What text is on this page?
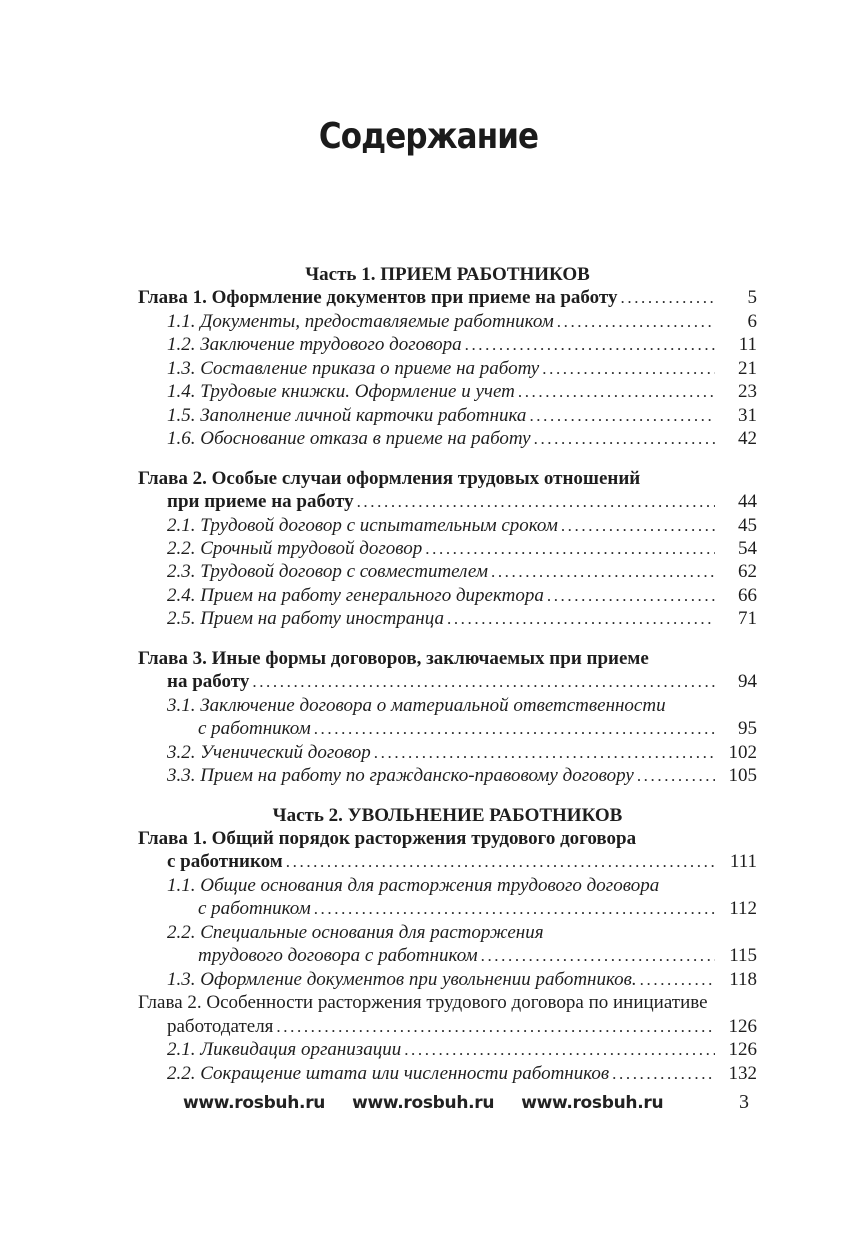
Содержание
Часть 1. ПРИЕМ РАБОТНИКОВ
Глава 1. Оформление документов при приеме на работу .....	5
1.1. Документы, предоставляемые работником .....	6
1.2. Заключение трудового договора .....	11
1.3. Составление приказа о приеме на работу .....	21
1.4. Трудовые книжки. Оформление и учет .....	23
1.5. Заполнение личной карточки работника .....	31
1.6. Обоснование отказа в приеме на работу .....	42
Глава 2. Особые случаи оформления трудовых отношений
при приеме на работу .....	44
2.1. Трудовой договор с испытательным сроком .....	45
2.2. Срочный трудовой договор .....	54
2.3. Трудовой договор с совместителем .....	62
2.4. Прием на работу генерального директора .....	66
2.5. Прием на работу иностранца .....	71
Глава 3. Иные формы договоров, заключаемых при приеме
на работу .....	94
3.1. Заключение договора о материальной ответственности
с работником .....	95
3.2. Ученический договор .....	102
3.3. Прием на работу по гражданско-правовому договору .....	105
Часть 2. УВОЛЬНЕНИЕ РАБОТНИКОВ
Глава 1. Общий порядок расторжения трудового договора
с работником .....	111
1.1. Общие основания для расторжения трудового договора
с работником .....	112
2.2. Специальные основания для расторжения
трудового договора с работником .....	115
1.3. Оформление документов при увольнении работников. .....	118
Глава 2. Особенности расторжения трудового договора по инициативе
работодателя .....	126
2.1. Ликвидация организации .....	126
2.2. Сокращение штата или численности работников .....	132
www.rosbuh.ru www.rosbuh.ru www.rosbuh.ru	3
